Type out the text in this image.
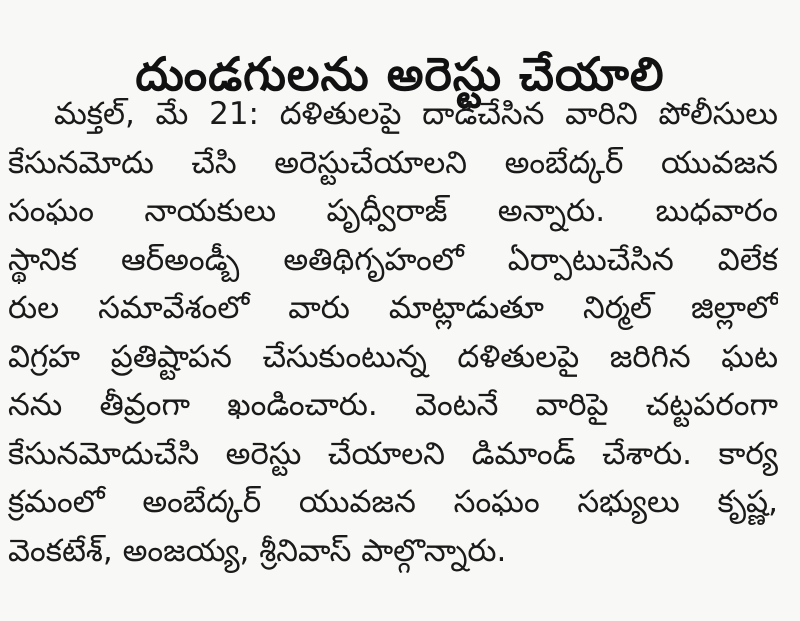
దుండగులను అరెస్టు చేయాలి
మక్తల్, మే 21: దళితులపై దాడిచేసిన వారిని పోలీసులు
కేసునమోదు చేసి అరెస్టుచేయాలని అంబేద్కర్ యువజన
సంఘం నాయకులు పృధ్వీరాజ్ అన్నారు. బుధవారం
స్థానిక ఆర్అండ్బీ అతిథిగృహంలో ఏర్పాటుచేసిన విలేక
రుల సమావేశంలో వారు మాట్లాడుతూ నిర్మల్ జిల్లాలో
విగ్రహ ప్రతిష్టాపన చేసుకుంటున్న దళితులపై జరిగిన ఘట
నను తీవ్రంగా ఖండించారు. వెంటనే వారిపై చట్టపరంగా
కేసునమోదుచేసి అరెస్టు చేయాలని డిమాండ్ చేశారు. కార్య
క్రమంలో అంబేద్కర్ యువజన సంఘం సభ్యులు కృష్ణ,
వెంకటేశ్, అంజయ్య, శ్రీనివాస్ పాల్గొన్నారు.
